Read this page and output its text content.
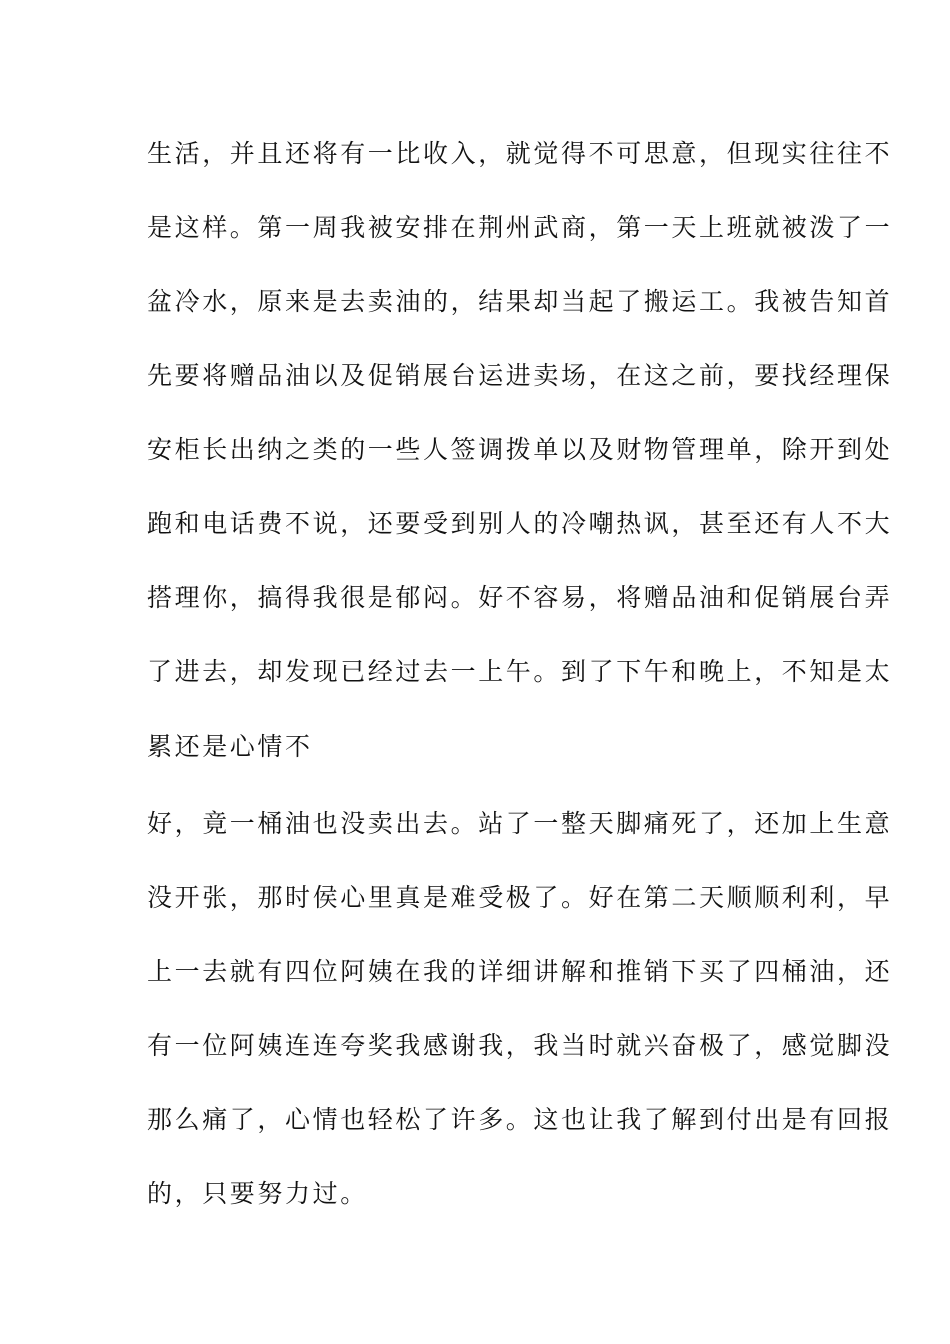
生活，并且还将有一比收入，就觉得不可思意，但现实往往不
是这样。第一周我被安排在荆州武商，第一天上班就被泼了一
盆冷水，原来是去卖油的，结果却当起了搬运工。我被告知首
先要将赠品油以及促销展台运进卖场，在这之前，要找经理保
安柜长出纳之类的一些人签调拨单以及财物管理单，除开到处
跑和电话费不说，还要受到别人的冷嘲热讽，甚至还有人不大
搭理你，搞得我很是郁闷。好不容易，将赠品油和促销展台弄
了进去，却发现已经过去一上午。到了下午和晚上，不知是太
累还是心情不
好，竟一桶油也没卖出去。站了一整天脚痛死了，还加上生意
没开张，那时侯心里真是难受极了。好在第二天顺顺利利，早
上一去就有四位阿姨在我的详细讲解和推销下买了四桶油，还
有一位阿姨连连夸奖我感谢我，我当时就兴奋极了，感觉脚没
那么痛了，心情也轻松了许多。这也让我了解到付出是有回报
的，只要努力过。
